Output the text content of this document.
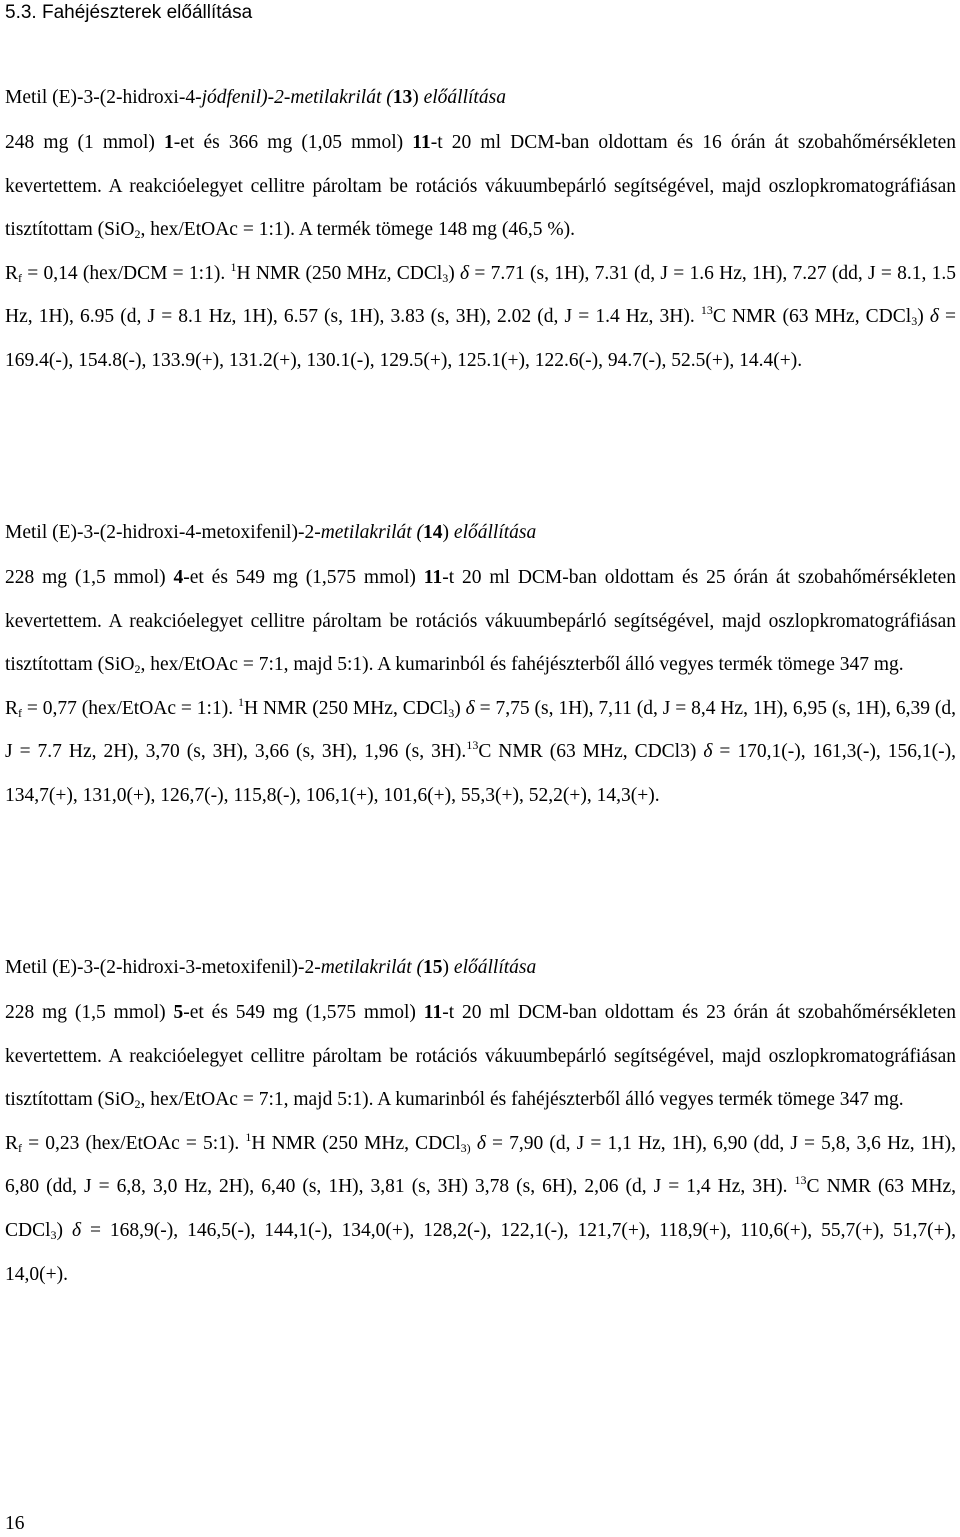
5.3. Fahéjészterek előállítása

Metil (E)-3-(2-hidroxi-4-jódfenil)-2-metilakrilát (13) előállítása

248 mg (1 mmol) 1-et és 366 mg (1,05 mmol) 11-t 20 ml DCM-ban oldottam és 16 órán át szobahőmérsékleten kevertettem. A reakcióelegyet cellitre pároltam be rotációs vákuumbepárló segítségével, majd oszlopkromatográfiásan tisztítottam (SiO$_2$, hex/EtOAc = 1:1). A termék tömege 148 mg (46,5 %).

$R_f = 0,14$ (hex/DCM = 1:1). $^1$H NMR (250 MHz, CDCl$_3$) δ = 7.71 (s, 1H), 7.31 (d, J = 1.6 Hz, 1H), 7.27 (dd, J = 8.1, 1.5 Hz, 1H), 6.95 (d, J = 8.1 Hz, 1H), 6.57 (s, 1H), 3.83 (s, 3H), 2.02 (d, J = 1.4 Hz, 3H). $^{13}$C NMR (63 MHz, CDCl$_3$) δ = 169.4(-), 154.8(-), 133.9(+), 131.2(+), 130.1(-), 129.5(+), 125.1(+), 122.6(-), 94.7(-), 52.5(+), 14.4(+).

Metil (E)-3-(2-hidroxi-4-metoxifenil)-2-metilakrilát (14) előállítása

228 mg (1,5 mmol) 4-et és 549 mg (1,575 mmol) 11-t 20 ml DCM-ban oldottam és 25 órán át szobahőmérsékleten kevertettem. A reakcióelegyet cellitre pároltam be rotációs vákuumbepárló segítségével, majd oszlopkromatográfiásan tisztítottam (SiO$_2$, hex/EtOAc = 7:1, majd 5:1). A kumarinból és fahéjészterből álló vegyes termék tömege 347 mg.

$R_f = 0,77$ (hex/EtOAc = 1:1). $^1$H NMR (250 MHz, CDCl$_3$) δ = 7,75 (s, 1H), 7,11 (d, J = 8,4 Hz, 1H), 6,95 (s, 1H), 6,39 (d, J = 7.7 Hz, 2H), 3,70 (s, 3H), 3,66 (s, 3H), 1,96 (s, 3H).$^{13}$C NMR (63 MHz, CDCl3) δ = 170,1(-), 161,3(-), 156,1(-), 134,7(+), 131,0(+), 126,7(-), 115,8(-), 106,1(+), 101,6(+), 55,3(+), 52,2(+), 14,3(+).

Metil (E)-3-(2-hidroxi-3-metoxifenil)-2-metilakrilát (15) előállítása

228 mg (1,5 mmol) 5-et és 549 mg (1,575 mmol) 11-t 20 ml DCM-ban oldottam és 23 órán át szobahőmérsékleten kevertettem. A reakcióelegyet cellitre pároltam be rotációs vákuumbepárló segítségével, majd oszlopkromatográfiásan tisztítottam (SiO$_2$, hex/EtOAc = 7:1, majd 5:1). A kumarinból és fahéjészterből álló vegyes termék tömege 347 mg.

$R_f = 0,23$ (hex/EtOAc = 5:1). $^1$H NMR (250 MHz, CDCl$_{3)}$ δ = 7,90 (d, J = 1,1 Hz, 1H), 6,90 (dd, J = 5,8, 3,6 Hz, 1H), 6,80 (dd, J = 6,8, 3,0 Hz, 2H), 6,40 (s, 1H), 3,81 (s, 3H) 3,78 (s, 6H), 2,06 (d, J = 1,4 Hz, 3H). $^{13}$C NMR (63 MHz, CDCl$_3$) δ = 168,9(-), 146,5(-), 144,1(-), 134,0(+), 128,2(-), 122,1(-), 121,7(+), 118,9(+), 110,6(+), 55,7(+), 51,7(+), 14,0(+).

16
